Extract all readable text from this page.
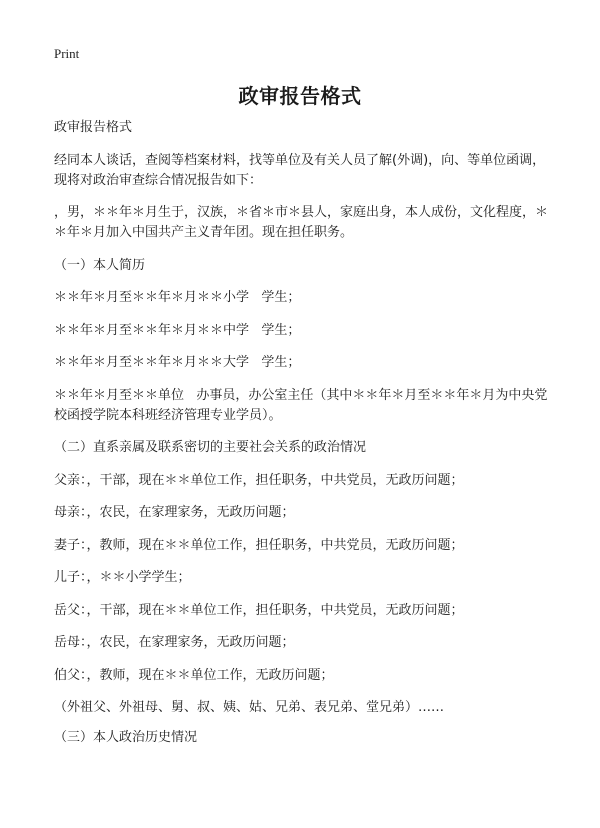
Print
政审报告格式

政审报告格式

经同本人谈话，查阅等档案材料，找等单位及有关人员了解(外调)，向、等单位函调，现将对政治审查综合情况报告如下：

，男，＊＊年＊月生于，汉族，＊省＊市＊县人，家庭出身，本人成份，文化程度，＊＊年＊月加入中国共产主义青年团。现在担任职务。

（一）本人简历

＊＊年＊月至＊＊年＊月＊＊小学   学生；

＊＊年＊月至＊＊年＊月＊＊中学   学生；

＊＊年＊月至＊＊年＊月＊＊大学   学生；

＊＊年＊月至＊＊单位   办事员，办公室主任（其中＊＊年＊月至＊＊年＊月为中央党校函授学院本科班经济管理专业学员）。

（二）直系亲属及联系密切的主要社会关系的政治情况

父亲：，干部，现在＊＊单位工作，担任职务，中共党员，无政历问题；

母亲：，农民，在家理家务，无政历问题；

妻子：，教师，现在＊＊单位工作，担任职务，中共党员，无政历问题；

儿子：，＊＊小学学生；

岳父：，干部，现在＊＊单位工作，担任职务，中共党员，无政历问题；

岳母：，农民，在家理家务，无政历问题；

伯父：，教师，现在＊＊单位工作，无政历问题；

（外祖父、外祖母、舅、叔、姨、姑、兄弟、表兄弟、堂兄弟）……

（三）本人政治历史情况
